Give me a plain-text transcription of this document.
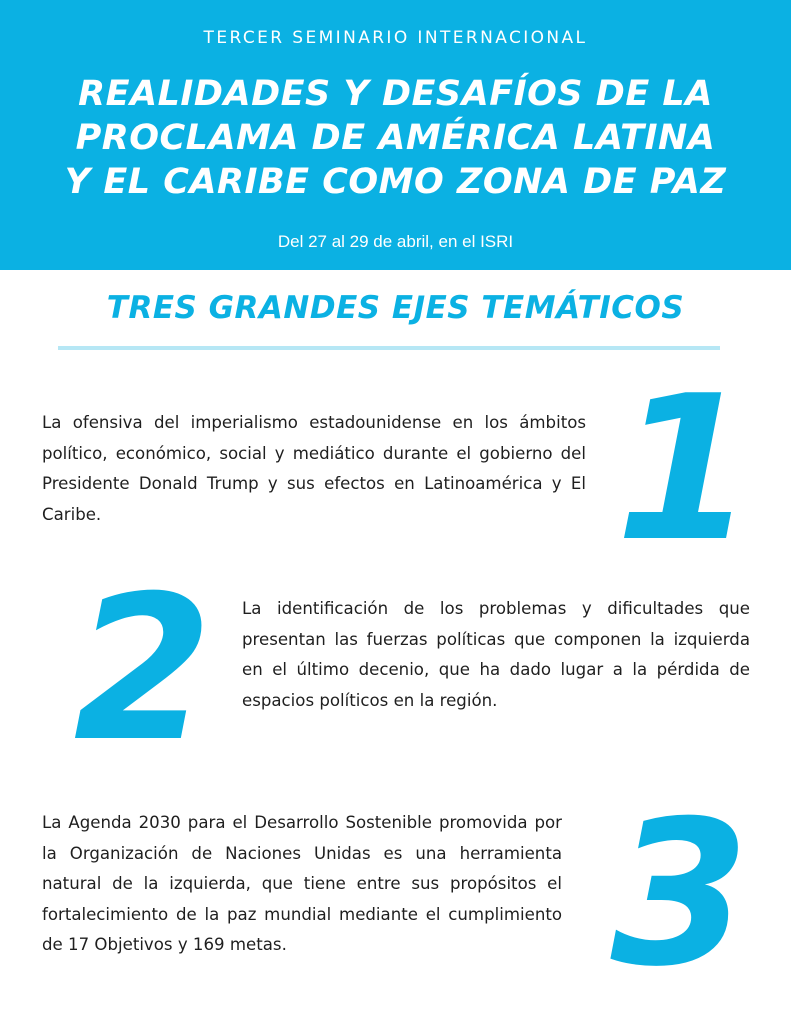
TERCER SEMINARIO INTERNACIONAL
REALIDADES Y DESAFÍOS DE LA PROCLAMA DE AMÉRICA LATINA Y EL CARIBE COMO ZONA DE PAZ
Del 27 al 29 de abril, en el ISRI
TRES GRANDES EJES TEMÁTICOS

La ofensiva del imperialismo estadounidense en los ámbitos político, económico, social y mediático durante el gobierno del Presidente Donald Trump y sus efectos en Latinoamérica y El Caribe.	1
2	La identificación de los problemas y dificultades que presentan las fuerzas políticas que componen la izquierda en el último decenio, que ha dado lugar a la pérdida de espacios políticos en la región.

La Agenda 2030 para el Desarrollo Sostenible promovida por la Organización de Naciones Unidas es una herramienta natural de la izquierda, que tiene entre sus propósitos el fortalecimiento de la paz mundial mediante el cumplimiento de 17 Objetivos y 169 metas.	3
